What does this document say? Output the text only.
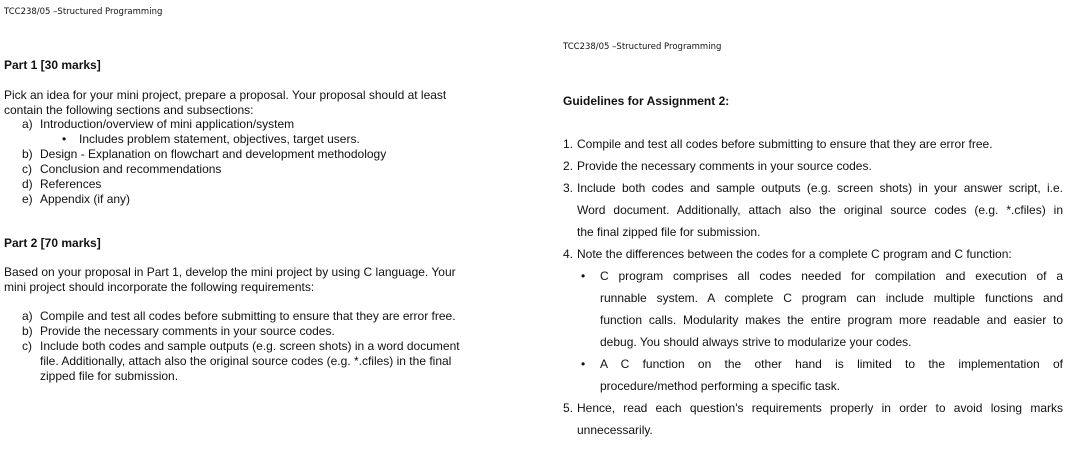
TCC238/05 –Structured Programming
Part 1 [30 marks]
Pick an idea for your mini project, prepare a proposal. Your proposal should at least
contain the following sections and subsections:
a) Introduction/overview of mini application/system
• Includes problem statement, objectives, target users.
b) Design - Explanation on flowchart and development methodology
c) Conclusion and recommendations
d) References
e) Appendix (if any)
Part 2 [70 marks]
Based on your proposal in Part 1, develop the mini project by using C language. Your
mini project should incorporate the following requirements:
a) Compile and test all codes before submitting to ensure that they are error free.
b) Provide the necessary comments in your source codes.
c) Include both codes and sample outputs (e.g. screen shots) in a word document
file. Additionally, attach also the original source codes (e.g. *.cfiles) in the final
zipped file for submission.
TCC238/05 –Structured Programming
Guidelines for Assignment 2:
1. Compile and test all codes before submitting to ensure that they are error free.
2. Provide the necessary comments in your source codes.
3. Include both codes and sample outputs (e.g. screen shots) in your answer script, i.e.
Word document. Additionally, attach also the original source codes (e.g. *.cfiles) in
the final zipped file for submission.
4. Note the differences between the codes for a complete C program and C function:
• C program comprises all codes needed for compilation and execution of a
runnable system. A complete C program can include multiple functions and
function calls. Modularity makes the entire program more readable and easier to
debug. You should always strive to modularize your codes.
• A C function on the other hand is limited to the implementation of
procedure/method performing a specific task.
5. Hence, read each question's requirements properly in order to avoid losing marks
unnecessarily.
